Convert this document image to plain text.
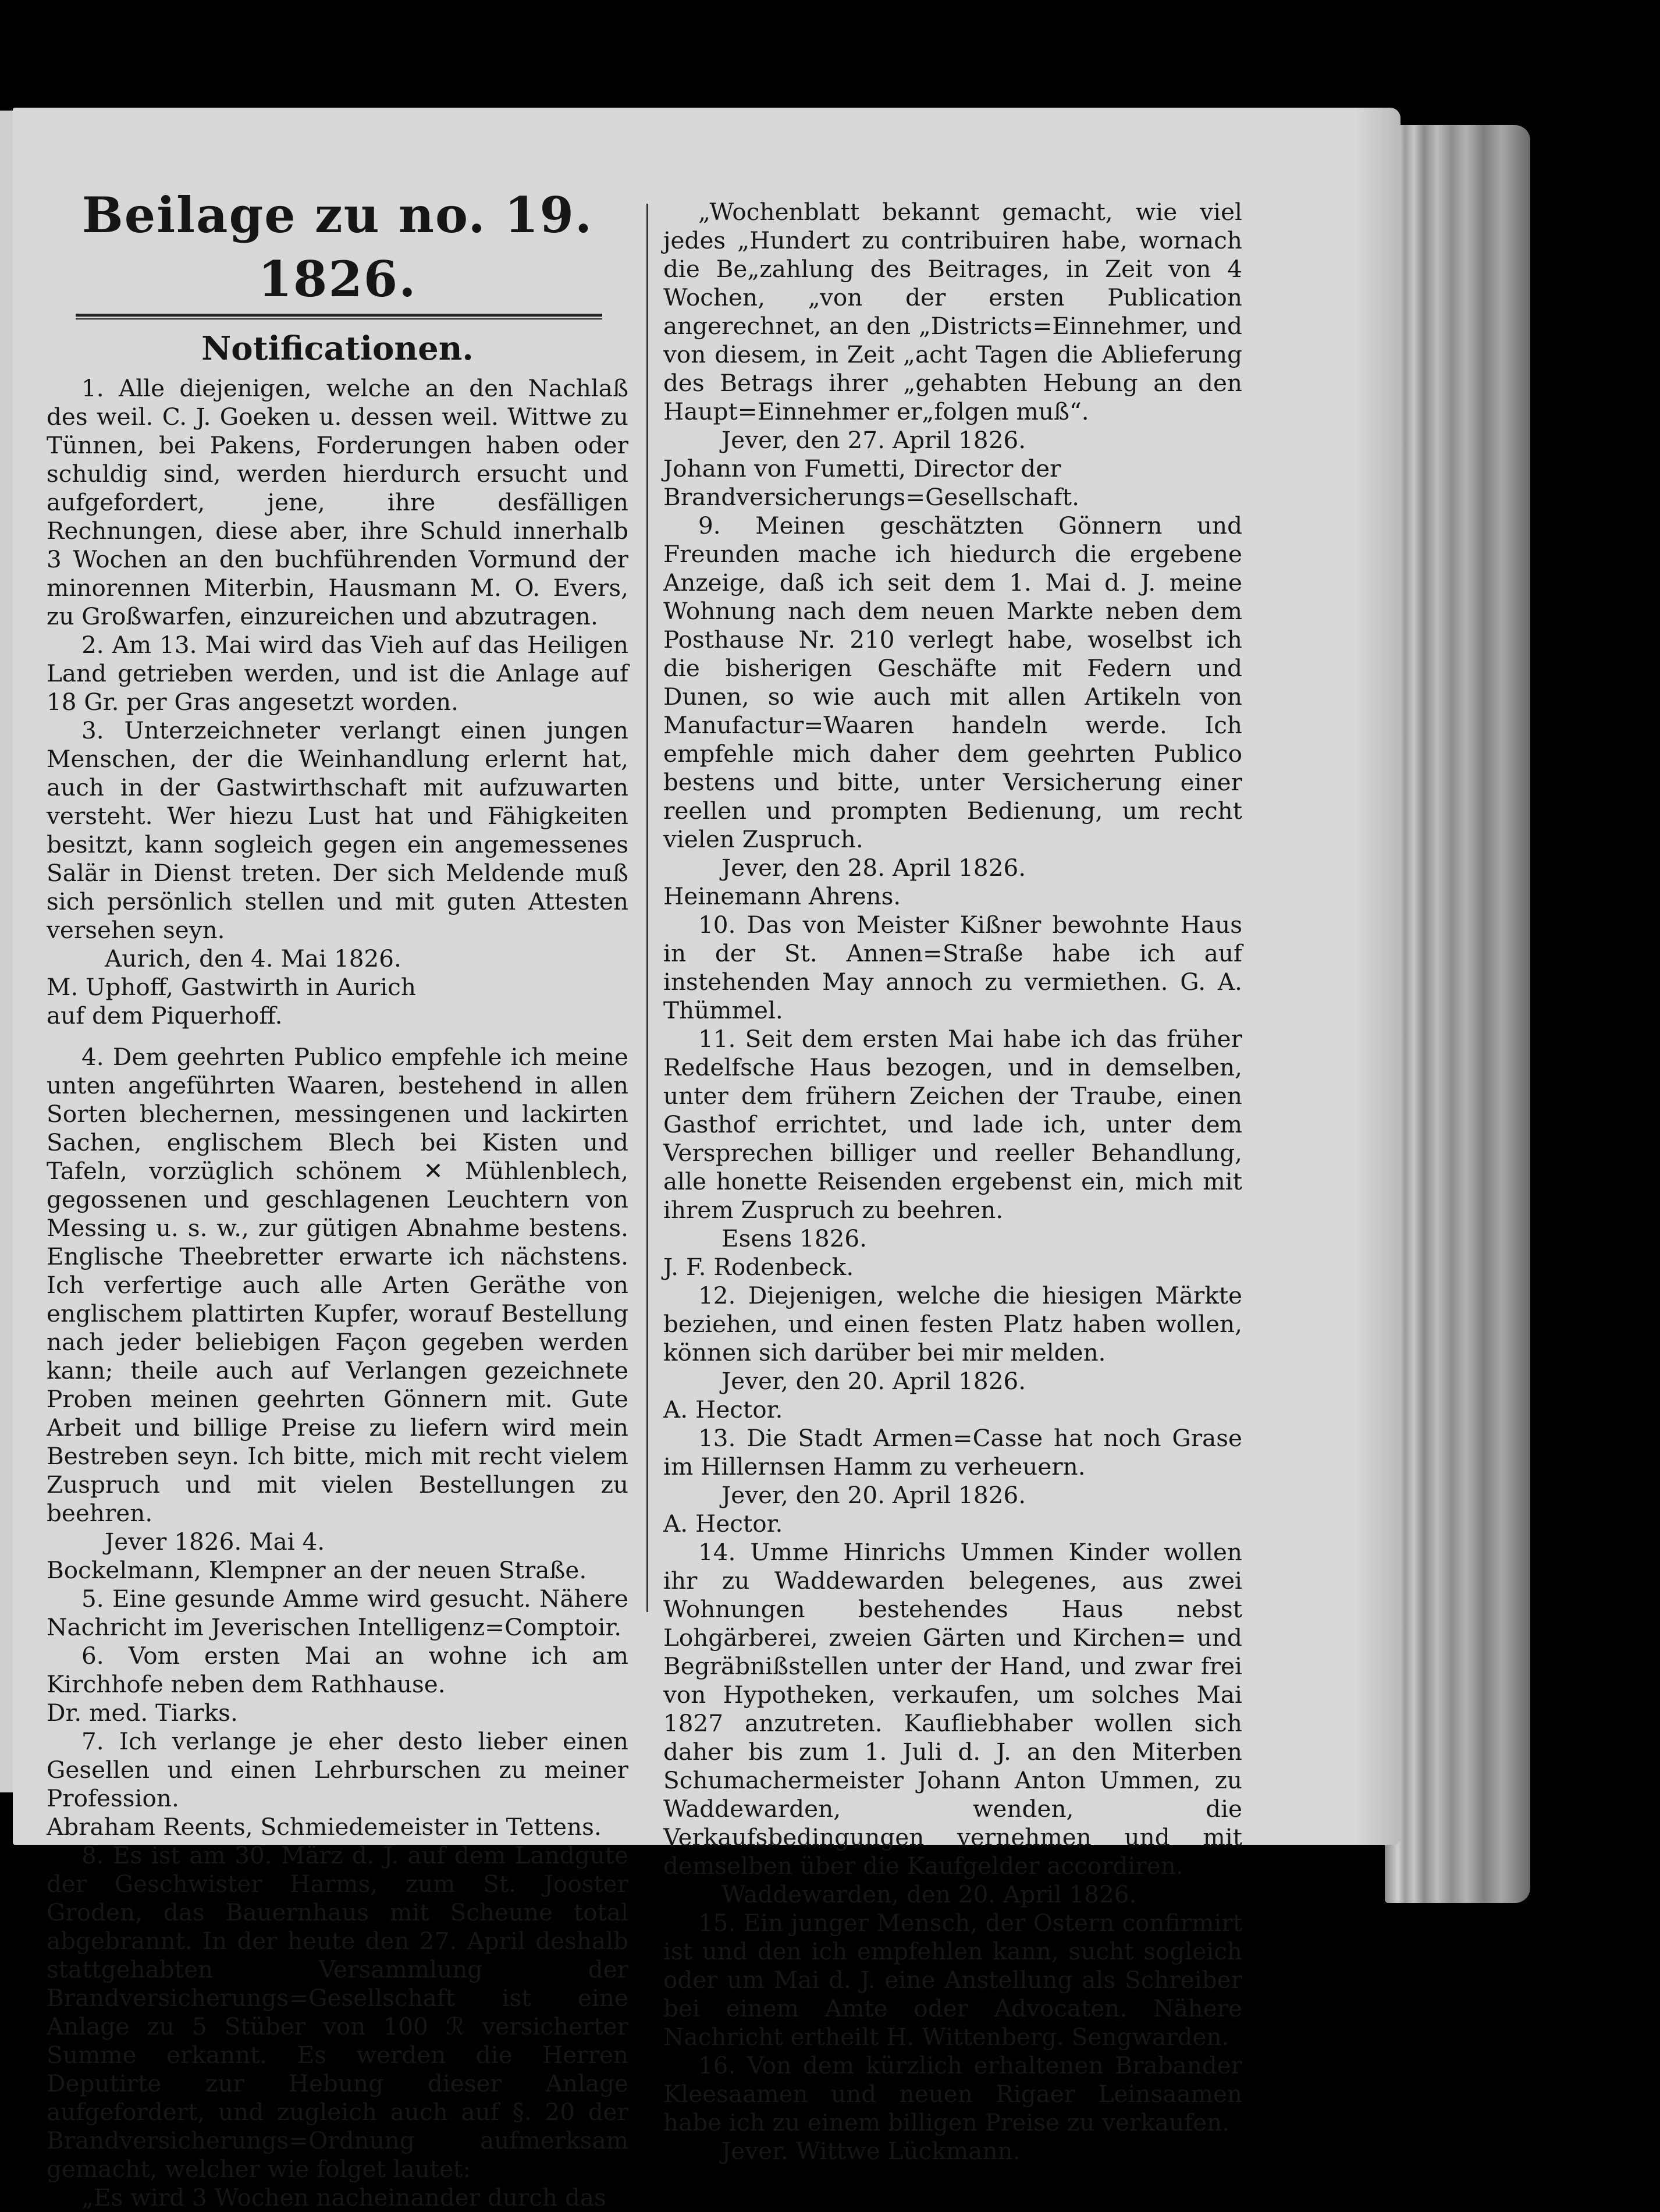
Beilage zu no. 19. 1826.
Notificationen.

1. Alle diejenigen, welche an den Nachlaß des weil. C. J. Goeken u. dessen weil. Wittwe zu Tünnen, bei Pakens, Forderungen haben oder schuldig sind, werden hierdurch ersucht und aufgefordert, jene, ihre desfälligen Rechnungen, diese aber, ihre Schuld innerhalb 3 Wochen an den buchführenden Vormund der minorennen Miterbin, Hausmann M. O. Evers, zu Großwarfen, einzureichen und abzutragen.

2. Am 13. Mai wird das Vieh auf das Heiligen Land getrieben werden, und ist die Anlage auf 18 Gr. per Gras angesetzt worden.

3. Unterzeichneter verlangt einen jungen Menschen, der die Weinhandlung erlernt hat, auch in der Gastwirthschaft mit aufzuwarten versteht. Wer hiezu Lust hat und Fähigkeiten besitzt, kann sogleich gegen ein angemessenes Salär in Dienst treten. Der sich Meldende muß sich persönlich stellen und mit guten Attesten versehen seyn.

Aurich, den 4. Mai 1826.

M. Uphoff, Gastwirth in Aurich

auf dem Piquerhoff.

4. Dem geehrten Publico empfehle ich meine unten angeführten Waaren, bestehend in allen Sorten blechernen, messingenen und lackirten Sachen, englischem Blech bei Kisten und Tafeln, vorzüglich schönem ✕ Mühlenblech, gegossenen und geschlagenen Leuchtern von Messing u. s. w., zur gütigen Abnahme bestens. Englische Theebretter erwarte ich nächstens. Ich verfertige auch alle Arten Geräthe von englischem plattirten Kupfer, worauf Bestellung nach jeder beliebigen Façon gegeben werden kann; theile auch auf Verlangen gezeichnete Proben meinen geehrten Gönnern mit. Gute Arbeit und billige Preise zu liefern wird mein Bestreben seyn. Ich bitte, mich mit recht vielem Zuspruch und mit vielen Bestellungen zu beehren.

Jever 1826. Mai 4.

Bockelmann, Klempner an der neuen Straße.

5. Eine gesunde Amme wird gesucht. Nähere Nachricht im Jeverischen Intelligenz=Comptoir.

6. Vom ersten Mai an wohne ich am Kirchhofe neben dem Rathhause.

Dr. med. Tiarks.

7. Ich verlange je eher desto lieber einen Gesellen und einen Lehrburschen zu meiner Profession.

Abraham Reents, Schmiedemeister in Tettens.

8. Es ist am 30. März d. J. auf dem Landgute der Geschwister Harms, zum St. Jooster Groden, das Bauernhaus mit Scheune total abgebrannt. In der heute den 27. April deshalb stattgehabten Versammlung der Brandversicherungs=Gesellschaft ist eine Anlage zu 5 Stüber von 100 ℛ versicherter Summe erkannt. Es werden die Herren Deputirte zur Hebung dieser Anlage aufgefordert, und zugleich auch auf §. 20 der Brandversicherungs=Ordnung aufmerksam gemacht, welcher wie folget lautet:

„Es wird 3 Wochen nacheinander durch das

„Wochenblatt bekannt gemacht, wie viel jedes „Hundert zu contribuiren habe, wornach die Be„zahlung des Beitrages, in Zeit von 4 Wochen, „von der ersten Publication angerechnet, an den „Districts=Einnehmer, und von diesem, in Zeit „acht Tagen die Ablieferung des Betrags ihrer „gehabten Hebung an den Haupt=Einnehmer er„folgen muß“.

Jever, den 27. April 1826.

Johann von Fumetti, Director der

Brandversicherungs=Gesellschaft.

9. Meinen geschätzten Gönnern und Freunden mache ich hiedurch die ergebene Anzeige, daß ich seit dem 1. Mai d. J. meine Wohnung nach dem neuen Markte neben dem Posthause Nr. 210 verlegt habe, woselbst ich die bisherigen Geschäfte mit Federn und Dunen, so wie auch mit allen Artikeln von Manufactur=Waaren handeln werde. Ich empfehle mich daher dem geehrten Publico bestens und bitte, unter Versicherung einer reellen und prompten Bedienung, um recht vielen Zuspruch.

Jever, den 28. April 1826.

Heinemann Ahrens.

10. Das von Meister Kißner bewohnte Haus in der St. Annen=Straße habe ich auf instehenden May annoch zu vermiethen. G. A. Thümmel.

11. Seit dem ersten Mai habe ich das früher Redelfsche Haus bezogen, und in demselben, unter dem frühern Zeichen der Traube, einen Gasthof errichtet, und lade ich, unter dem Versprechen billiger und reeller Behandlung, alle honette Reisenden ergebenst ein, mich mit ihrem Zuspruch zu beehren.

Esens 1826.

J. F. Rodenbeck.

12. Diejenigen, welche die hiesigen Märkte beziehen, und einen festen Platz haben wollen, können sich darüber bei mir melden.

Jever, den 20. April 1826.

A. Hector.

13. Die Stadt Armen=Casse hat noch Grase im Hillernsen Hamm zu verheuern.

Jever, den 20. April 1826.

A. Hector.

14. Umme Hinrichs Ummen Kinder wollen ihr zu Waddewarden belegenes, aus zwei Wohnungen bestehendes Haus nebst Lohgärberei, zweien Gärten und Kirchen= und Begräbnißstellen unter der Hand, und zwar frei von Hypotheken, verkaufen, um solches Mai 1827 anzutreten. Kaufliebhaber wollen sich daher bis zum 1. Juli d. J. an den Miterben Schumachermeister Johann Anton Ummen, zu Waddewarden, wenden, die Verkaufsbedingungen vernehmen und mit demselben über die Kaufgelder accordiren.

Waddewarden, den 20. April 1826.

15. Ein junger Mensch, der Ostern confirmirt ist und den ich empfehlen kann, sucht sogleich oder um Mai d. J. eine Anstellung als Schreiber bei einem Amte oder Advocaten. Nähere Nachricht ertheilt H. Wittenberg. Sengwarden.

16. Von dem kürzlich erhaltenen Brabander Kleesaamen und neuen Rigaer Leinsaamen habe ich zu einem billigen Preise zu verkaufen.

Jever. Wittwe Lückmann.
